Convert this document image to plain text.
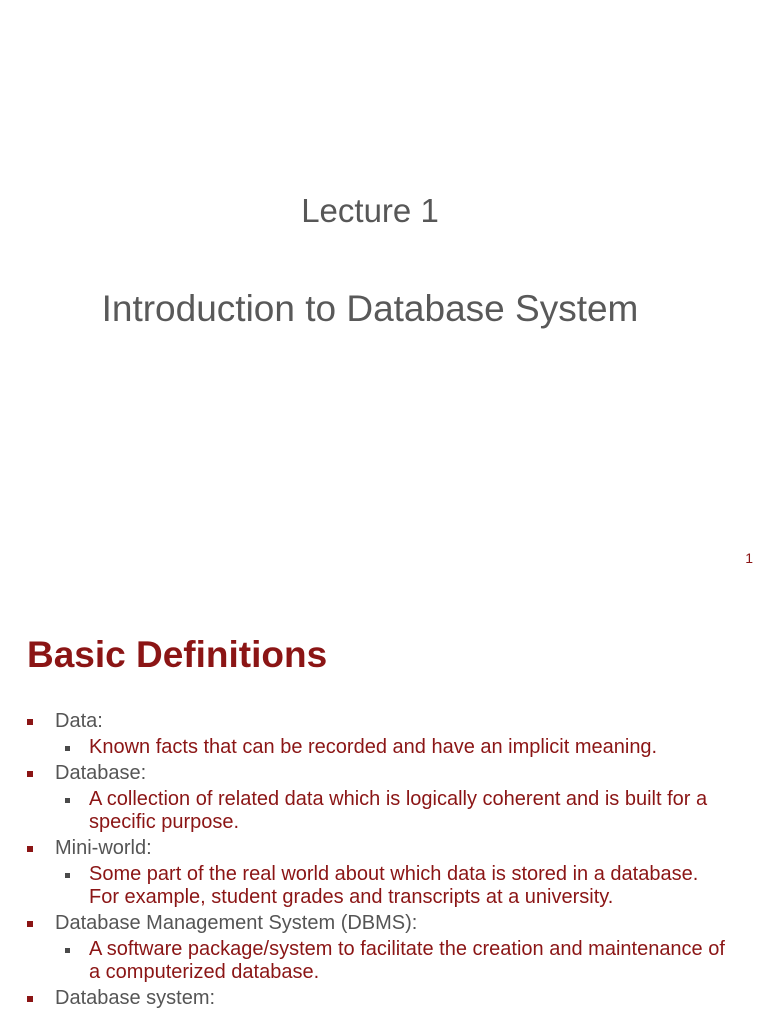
Lecture 1
Introduction to Database System
1
Basic Definitions
Data:
Known facts that can be recorded and have an implicit meaning.
Database:
A collection of related data which is logically coherent and is built for a specific purpose.
Mini-world:
Some part of the real world about which data is stored in a database. For example, student grades and transcripts at a university.
Database Management System (DBMS):
A software package/system to facilitate the creation and maintenance of a computerized database.
Database system:
